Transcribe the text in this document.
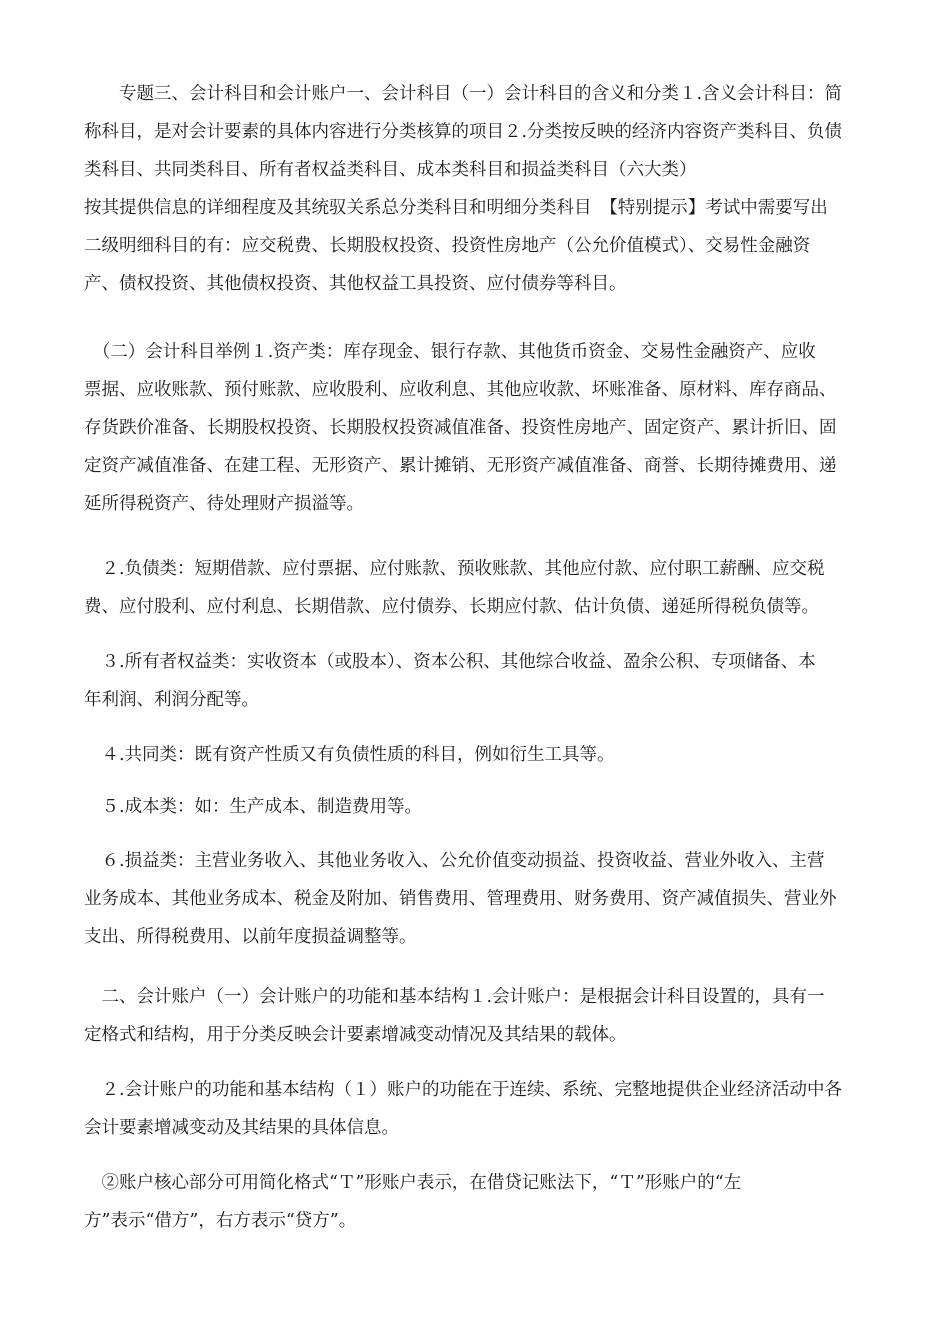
　　专题三、会计科目和会计账户一、会计科目（一）会计科目的含义和分类１.含义会计科目：简
称科目，是对会计要素的具体内容进行分类核算的项目２.分类按反映的经济内容资产类科目、负债
类科目、共同类科目、所有者权益类科目、成本类科目和损益类科目（六大类）
按其提供信息的详细程度及其统驭关系总分类科目和明细分类科目　【特别提示】考试中需要写出
二级明细科目的有：应交税费、长期股权投资、投资性房地产（公允价值模式）、交易性金融资
产、债权投资、其他债权投资、其他权益工具投资、应付债券等科目。
　（二）会计科目举例１.资产类：库存现金、银行存款、其他货币资金、交易性金融资产、应收
票据、应收账款、预付账款、应收股利、应收利息、其他应收款、坏账准备、原材料、库存商品、
存货跌价准备、长期股权投资、长期股权投资减值准备、投资性房地产、固定资产、累计折旧、固
定资产减值准备、在建工程、无形资产、累计摊销、无形资产减值准备、商誉、长期待摊费用、递
延所得税资产、待处理财产损溢等。
　２.负债类：短期借款、应付票据、应付账款、预收账款、其他应付款、应付职工薪酬、应交税
费、应付股利、应付利息、长期借款、应付债券、长期应付款、估计负债、递延所得税负债等。
　３.所有者权益类：实收资本（或股本）、资本公积、其他综合收益、盈余公积、专项储备、本
年利润、利润分配等。
　４.共同类：既有资产性质又有负债性质的科目，例如衍生工具等。
　５.成本类：如：生产成本、制造费用等。
　６.损益类：主营业务收入、其他业务收入、公允价值变动损益、投资收益、营业外收入、主营
业务成本、其他业务成本、税金及附加、销售费用、管理费用、财务费用、资产减值损失、营业外
支出、所得税费用、以前年度损益调整等。
　二、会计账户（一）会计账户的功能和基本结构１.会计账户：是根据会计科目设置的，具有一
定格式和结构，用于分类反映会计要素增减变动情况及其结果的载体。
　２.会计账户的功能和基本结构（１）账户的功能在于连续、系统、完整地提供企业经济活动中各
会计要素增减变动及其结果的具体信息。
　②账户核心部分可用简化格式“Ｔ”形账户表示，在借贷记账法下，“Ｔ”形账户的“左
方”表示“借方”，右方表示“贷方”。
